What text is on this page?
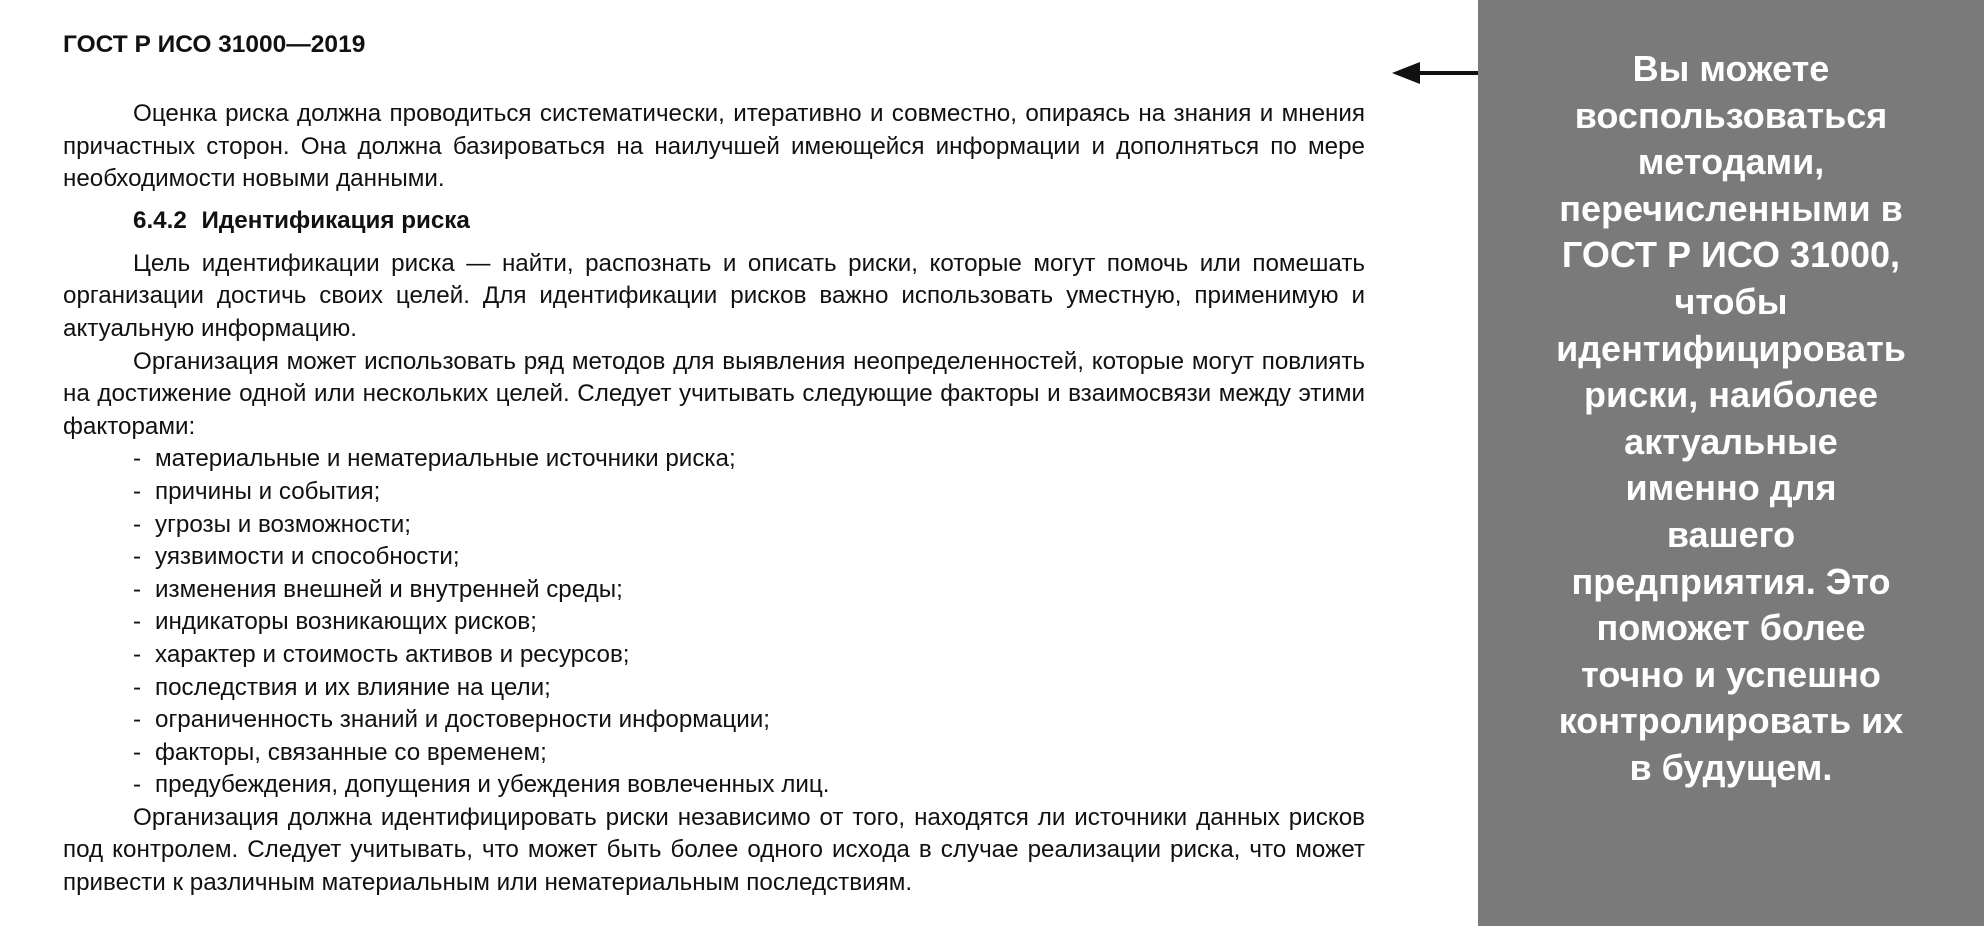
ГОСТ Р ИСО 31000—2019

Оценка риска должна проводиться систематически, итеративно и совместно, опираясь на знания и мнения причастных сторон. Она должна базироваться на наилучшей имеющейся информации и дополняться по мере необходимости новыми данными.

6.4.2 Идентификация риска

Цель идентификации риска — найти, распознать и описать риски, которые могут помочь или помешать организации достичь своих целей. Для идентификации рисков важно использовать уместную, применимую и актуальную информацию.

Организация может использовать ряд методов для выявления неопределенностей, которые могут повлиять на достижение одной или нескольких целей. Следует учитывать следующие факторы и взаимосвязи между этими факторами:

- материальные и нематериальные источники риска;
- причины и события;
- угрозы и возможности;
- уязвимости и способности;
- изменения внешней и внутренней среды;
- индикаторы возникающих рисков;
- характер и стоимость активов и ресурсов;
- последствия и их влияние на цели;
- ограниченность знаний и достоверности информации;
- факторы, связанные со временем;
- предубеждения, допущения и убеждения вовлеченных лиц.

Организация должна идентифицировать риски независимо от того, находятся ли источники данных рисков под контролем. Следует учитывать, что может быть более одного исхода в случае реализации риска, что может привести к различным материальным или нематериальным последствиям.

Вы можете
воспользоваться
методами,
перечисленными в
ГОСТ Р ИСО 31000,
чтобы
идентифицировать
риски, наиболее
актуальные
именно для
вашего
предприятия. Это
поможет более
точно и успешно
контролировать их
в будущем.
